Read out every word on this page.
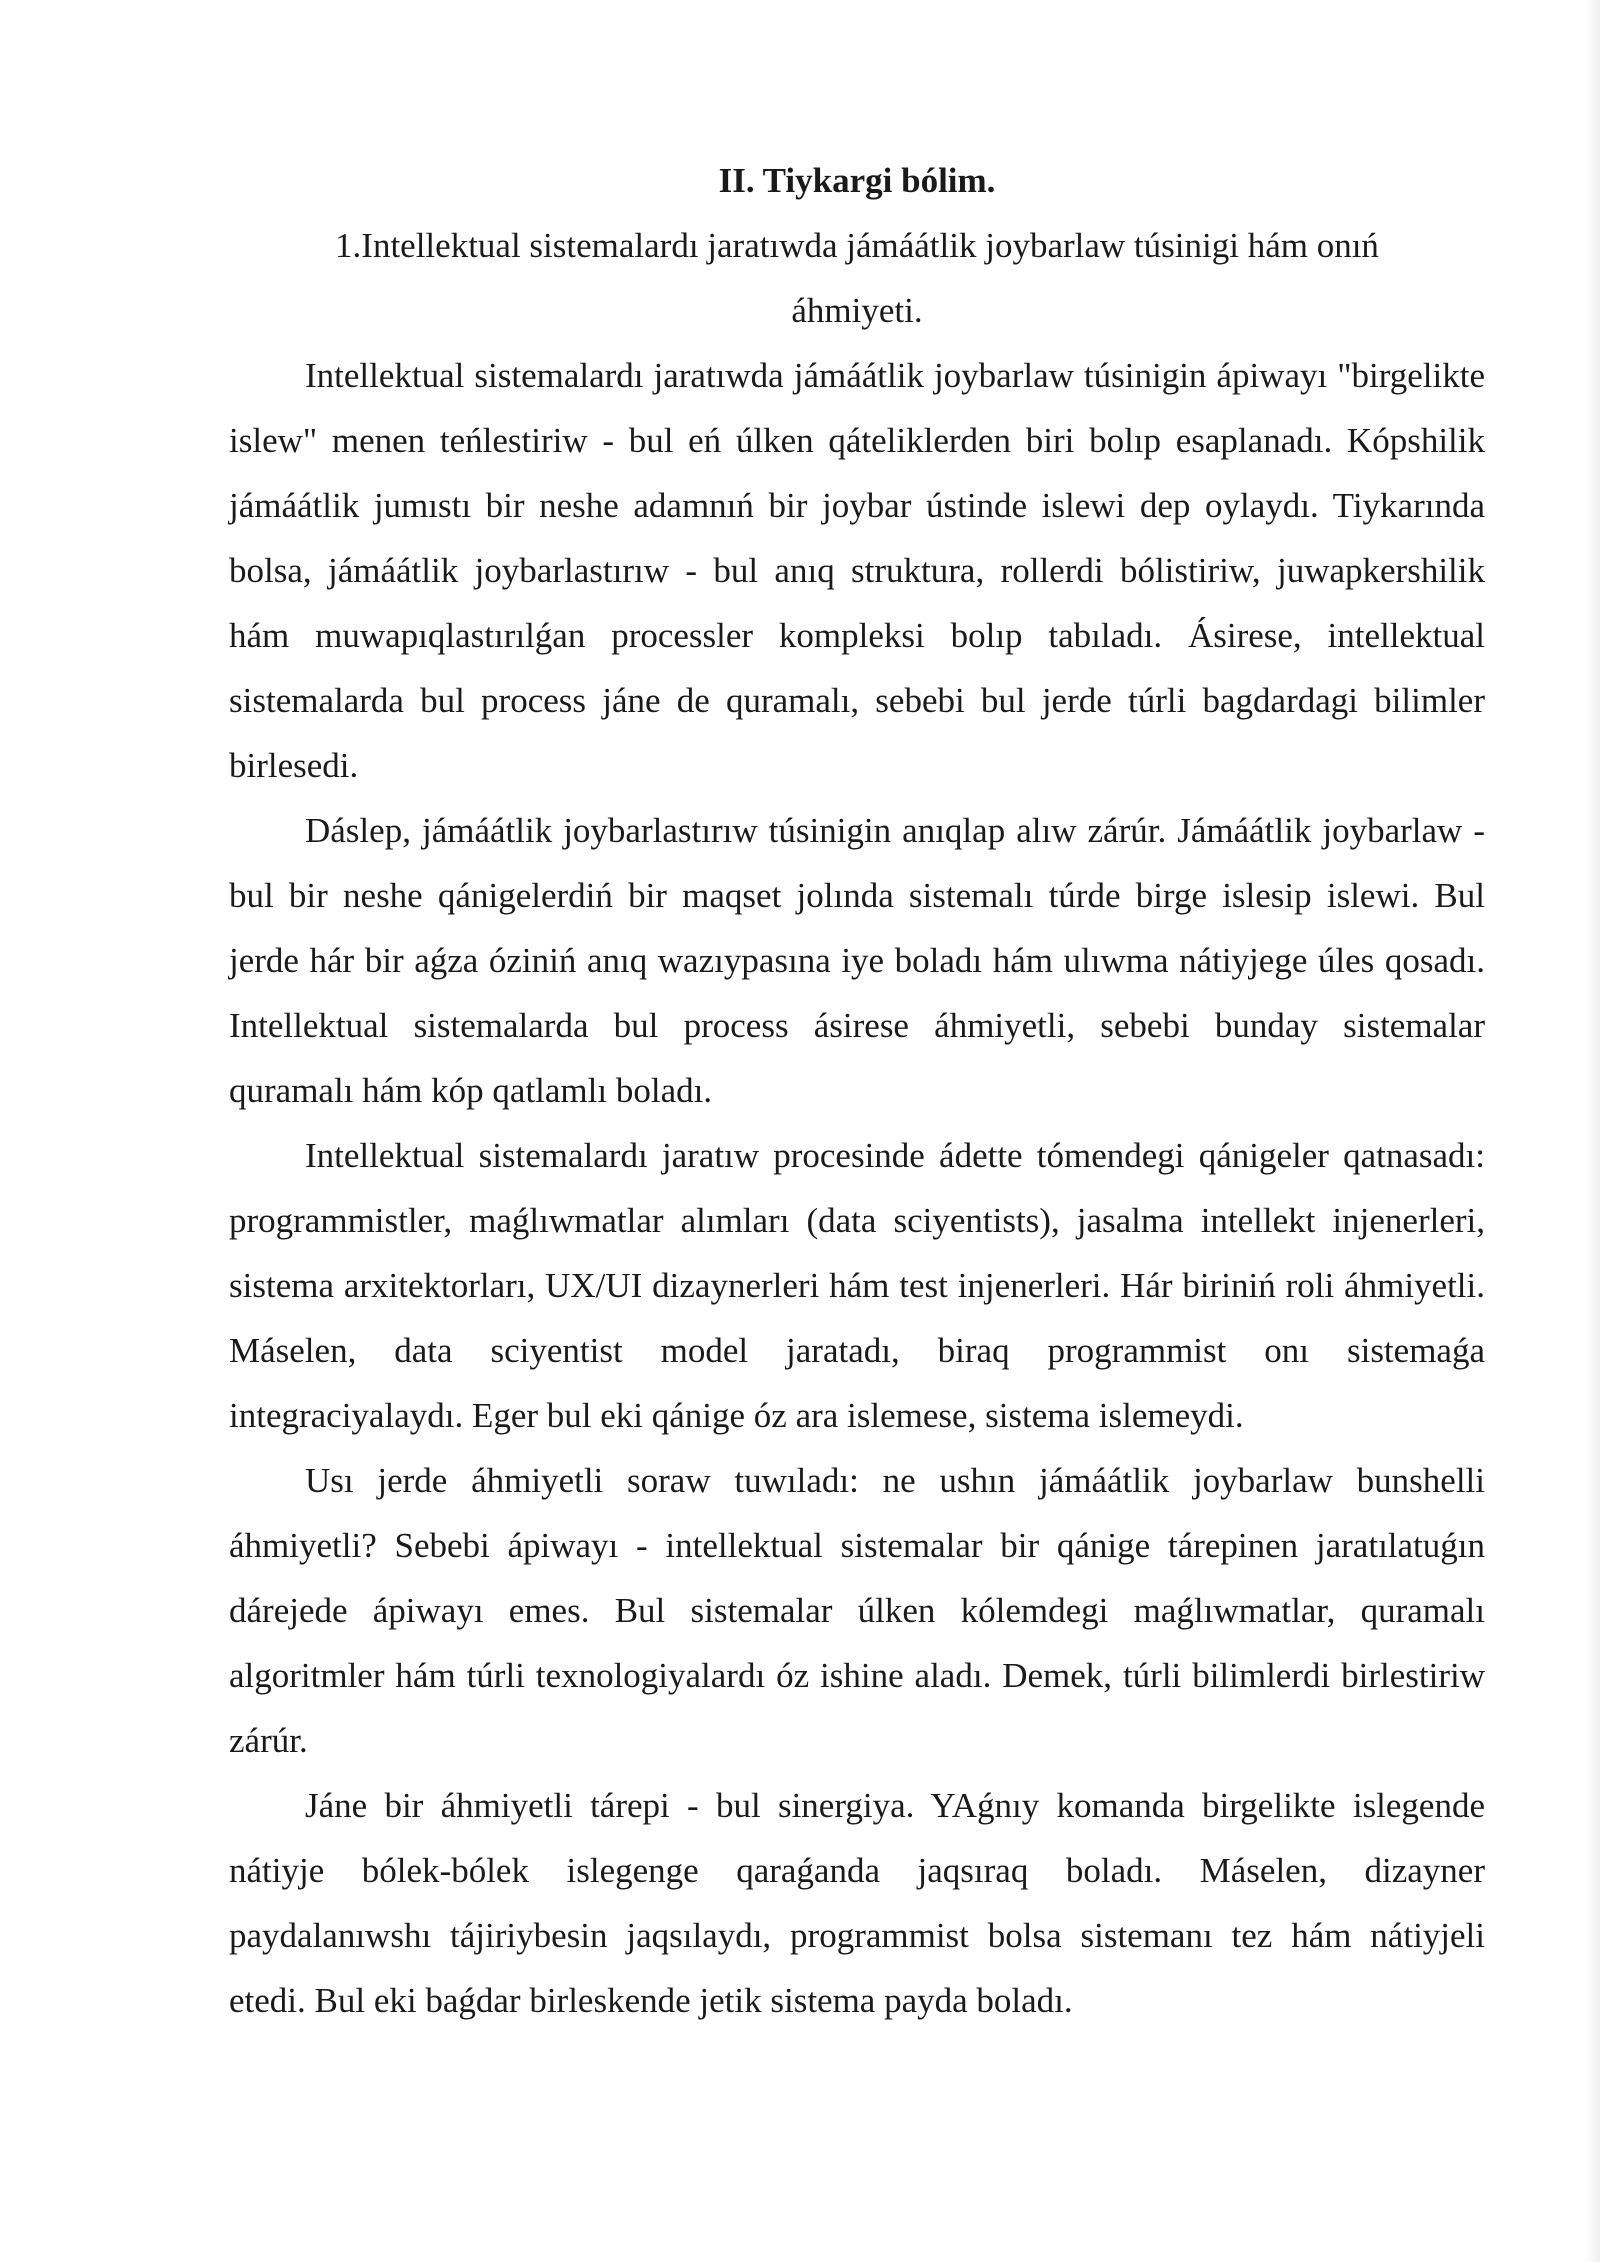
II. Tiykargi bólim.
1.Intellektual sistemalardı jaratıwda jámáátlik joybarlaw túsinigi hám onıń áhmiyeti.

Intellektual sistemalardı jaratıwda jámáátlik joybarlaw túsinigin ápiwayı "birgelikte islew" menen teńlestiriw - bul eń úlken qáteliklerden biri bolıp esaplanadı. Kópshilik jámáátlik jumıstı bir neshe adamnıń bir joybar ústinde islewi dep oylaydı. Tiykarında bolsa, jámáátlik joybarlastırıw - bul anıq struktura, rollerdi bólistiriw, juwapkershilik hám muwapıqlastırılǵan processler kompleksi bolıp tabıladı. Ásirese, intellektual sistemalarda bul process jáne de quramalı, sebebi bul jerde túrli bagdardagi bilimler birlesedi.

Dáslep, jámáátlik joybarlastırıw túsinigin anıqlap alıw zárúr. Jámáátlik joybarlaw - bul bir neshe qánigelerdiń bir maqset jolında sistemalı túrde birge islesip islewi. Bul jerde hár bir aǵza óziniń anıq wazıypasına iye boladı hám ulıwma nátiyjege úles qosadı. Intellektual sistemalarda bul process ásirese áhmiyetli, sebebi bunday sistemalar quramalı hám kóp qatlamlı boladı.

Intellektual sistemalardı jaratıw procesinde ádette tómendegi qánigeler qatnasadı: programmistler, maǵlıwmatlar alımları (data sciyentists), jasalma intellekt injenerleri, sistema arxitektorları, UX/UI dizaynerleri hám test injenerleri. Hár biriniń roli áhmiyetli. Máselen, data sciyentist model jaratadı, biraq programmist onı sistemaǵa integraciyalaydı. Eger bul eki qánige óz ara islemese, sistema islemeydi.

Usı jerde áhmiyetli soraw tuwıladı: ne ushın jámáátlik joybarlaw bunshelli áhmiyetli? Sebebi ápiwayı - intellektual sistemalar bir qánige tárepinen jaratılatuǵın dárejede ápiwayı emes. Bul sistemalar úlken kólemdegi maǵlıwmatlar, quramalı algoritmler hám túrli texnologiyalardı óz ishine aladı. Demek, túrli bilimlerdi birlestiriw zárúr.

Jáne bir áhmiyetli tárepi - bul sinergiya. YAǵnıy komanda birgelikte islegende nátiyje bólek-bólek islegenge qaraǵanda jaqsıraq boladı. Máselen, dizayner paydalanıwshı tájiriybesin jaqsılaydı, programmist bolsa sistemanı tez hám nátiyjeli etedi. Bul eki baǵdar birleskende jetik sistema payda boladı.
